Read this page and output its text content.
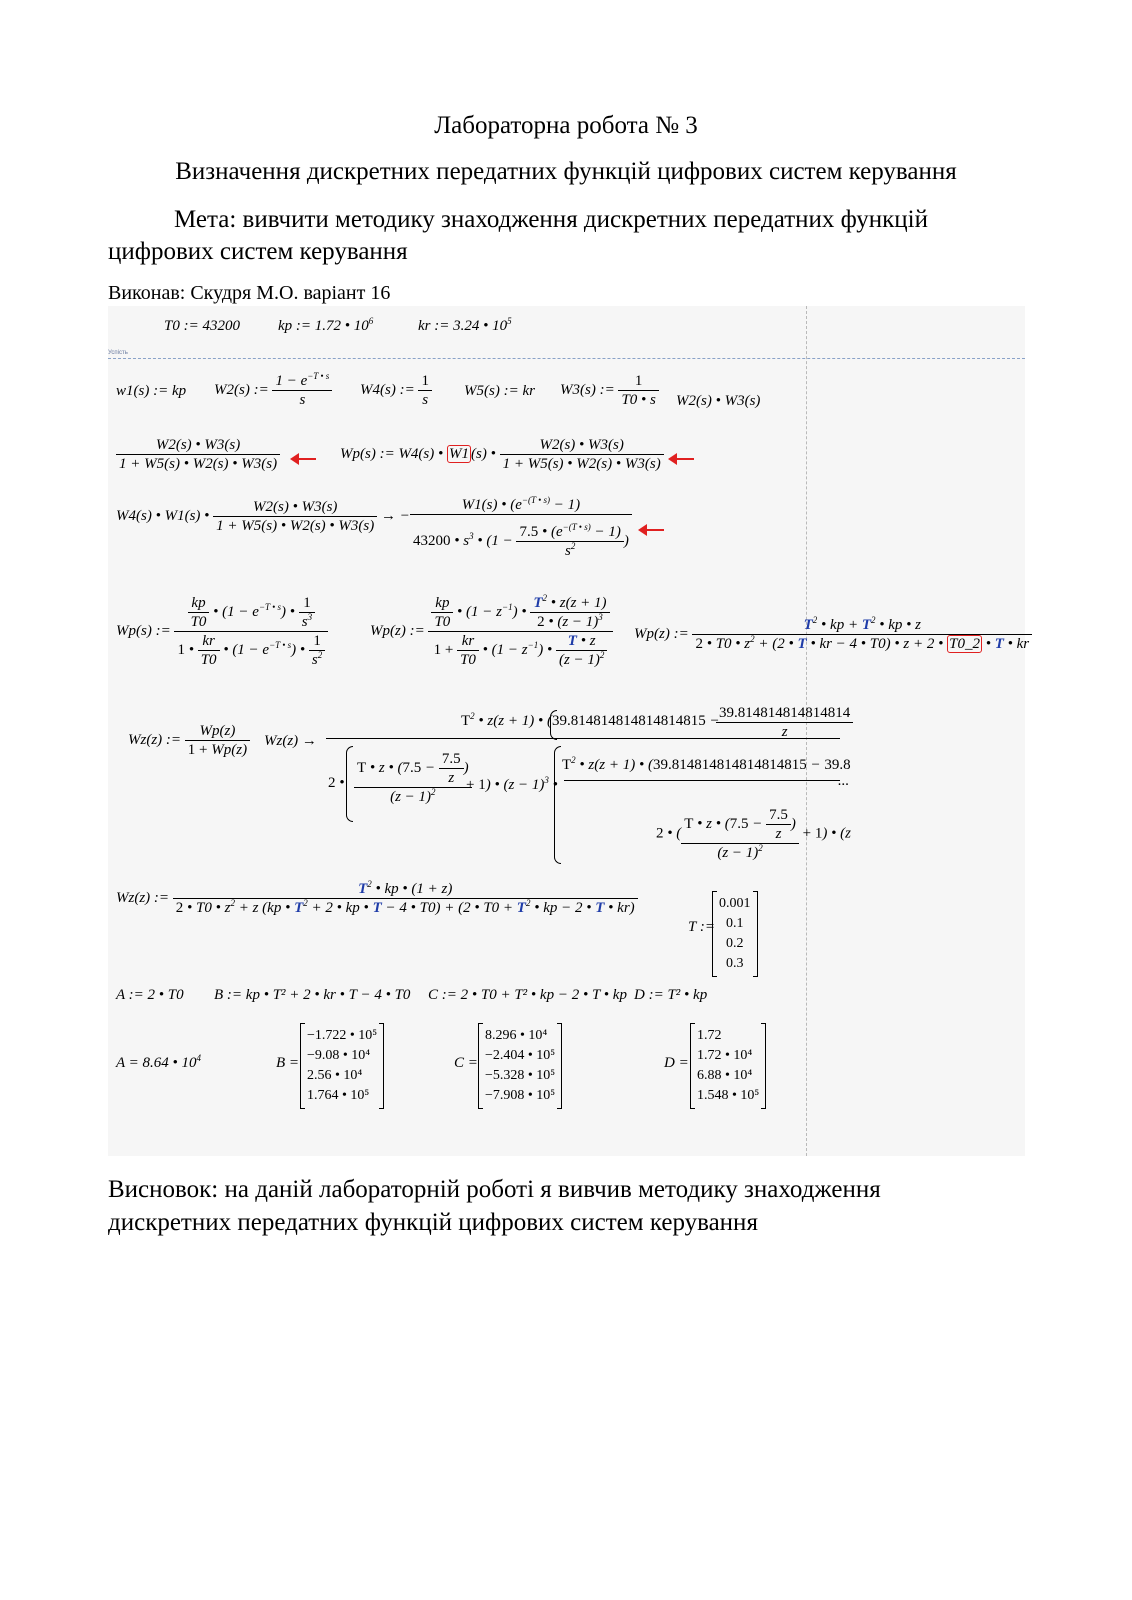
Лабораторна робота № 3
Визначення дискретних передатних функцій цифрових систем керування
Мета: вивчити методику знаходження дискретних передатних функцій цифрових систем керування
Виконав: Скудря М.О. варіант 16
Успість
T0 := 43200	kp := 1.72 • $10^6$	kr := 3.24 • $10^5$
w1(s) := kp W2(s) := $\frac{1 - e^{-T • s}}{s} W4(s)$ := $\frac{1}{s} W5(s)$ := kr W3(s) := $\frac{1}{T0 • s} W2(s)$ • W3(s)
$\frac{W2(s) • W3(s)}{1 + W5(s) • W2(s) • W3(s)}$	Wp(s) := W4(s) • W1 (s) • $\frac{W2(s) • W3(s)}{1 + W5(s) • W2(s) • W3(s)}$
W4(s) • W1(s) • $\frac{W2(s) • W3(s)}{1 + W5(s) • W2(s) • W3(s)}$ → − $\frac{W1(s) • (e^{-(T • s)} - 1)}{43200 • s^3 • (1 - \frac{7.5 • (e^{-(T • s)} - 1)}{s^2} )}$
Wp(s) := $\frac{\frac{kp}{T0} • (1 - e^{-T • s}) • \frac{1}{s^3}}{1 • \frac{kr}{T0} • (1 - e^{-T • s}) • \frac{1}{s^2}}$	Wp(z) := $\frac{\frac{kp}{T0} • (1 - z^{-1}) • \frac{T^2 • z(z + 1)}{2 • (z - 1)^3}}{1 + \frac{kr}{T0} • (1 - z^{-1}) • \frac{T • z}{(z - 1)^2}} Wp(z)$ := $\frac{T^2 • kp + T^2 • kp • z}{2 • T0 • z^2 + (2 • T • kr - 4 • T0) • z + 2 • T0\_2 • T • kr}$
Wz(z) := $\frac{Wp(z)}{1 + Wp(z)} Wz(z)$ →
$T^2$ • z(z + 1) • (39.814814814814814815 −
$\frac{39.814814814814814}{z}$
2 • $\frac{T • z • (7.5 - \frac{7.5}{z} )}{(z - 1)^2}$
+ 1) • $(z - 1)^3$ •
$T^2$ • z(z + 1) • (39.814814814814814815 − 39.8
...
2 • ( $\frac{T • z • (7.5 - \frac{7.5}{z} )}{(z - 1)^2} + 1$) • (z
Wz(z) :=
$T^2$ • kp • (1 + z)
2 • T0 • $z^2 + z$ (kp • $T^2 + 2$ • kp • T − 4 • T0) + (2 • $T0 + T^2$ • kp − 2 • T • kr)
T :=
0.001
0.1
0.2
0.3
A := 2 • T0 B := kp • T² + 2 • kr • T − 4 • T0 C := 2 • T0 + T² • kp − 2 • T • kp D := T² • kp
A = 8.64 • $10^4$	B =
−1.722 • 10⁵
−9.08 • 10⁴
2.56 • 10⁴
1.764 • 10⁵
C =
8.296 • 10⁴
−2.404 • 10⁵
−5.328 • 10⁵
−7.908 • 10⁵
D =
1.72
1.72 • 10⁴
6.88 • 10⁴
1.548 • 10⁵
Висновок: на даній лабораторній роботі я вивчив методику знаходження дискретних передатних функцій цифрових систем керування
